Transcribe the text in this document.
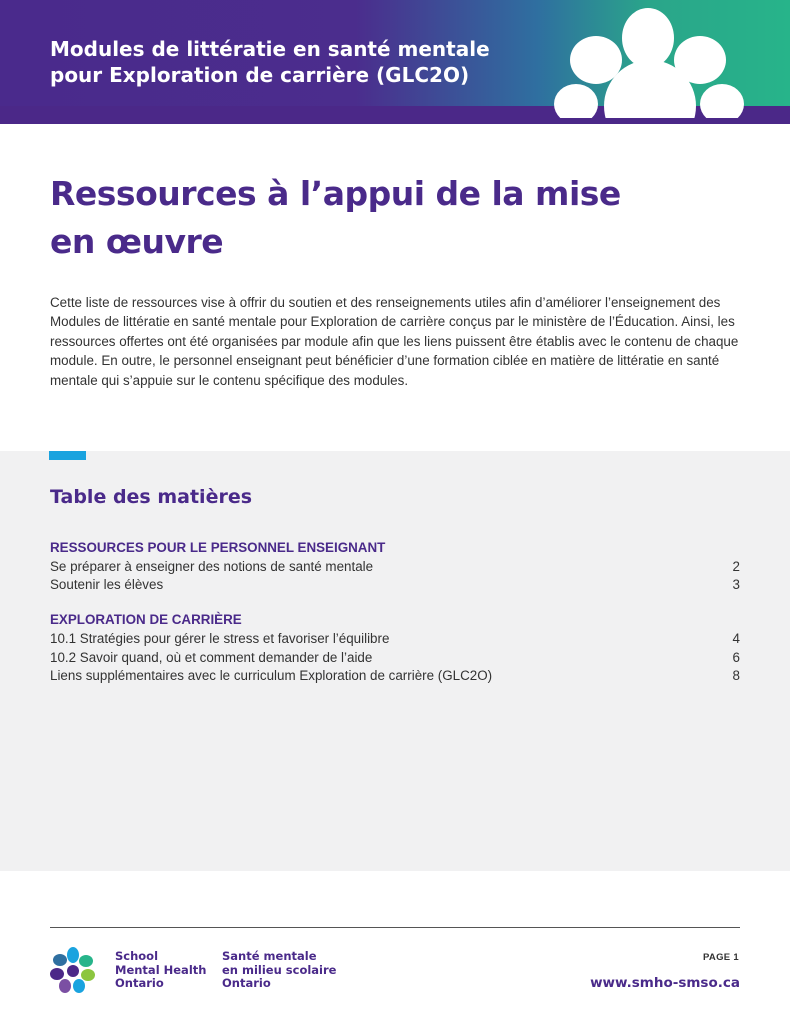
Modules de littératie en santé mentale
pour Exploration de carrière (GLC2O)
Ressources à l’appui de la mise
en œuvre

Cette liste de ressources vise à offrir du soutien et des renseignements utiles afin d’améliorer l’enseignement des Modules de littératie en santé mentale pour Exploration de carrière conçus par le ministère de l’Éducation. Ainsi, les ressources offertes ont été organisées par module afin que les liens puissent être établis avec le contenu de chaque module. En outre, le personnel enseignant peut bénéficier d’une formation ciblée en matière de littératie en santé mentale qui s’appuie sur le contenu spécifique des modules.

Table des matières
RESSOURCES POUR LE PERSONNEL ENSEIGNANT
Se préparer à enseigner des notions de santé mentale	2
Soutenir les élèves	3
EXPLORATION DE CARRIÈRE
10.1 Stratégies pour gérer le stress et favoriser l’équilibre	4
10.2 Savoir quand, où et comment demander de l’aide	6
Liens supplémentaires avec le curriculum Exploration de carrière (GLC2O)	8
School
Mental Health
Ontario
Santé mentale
en milieu scolaire
Ontario
PAGE 1
www.smho-smso.ca
